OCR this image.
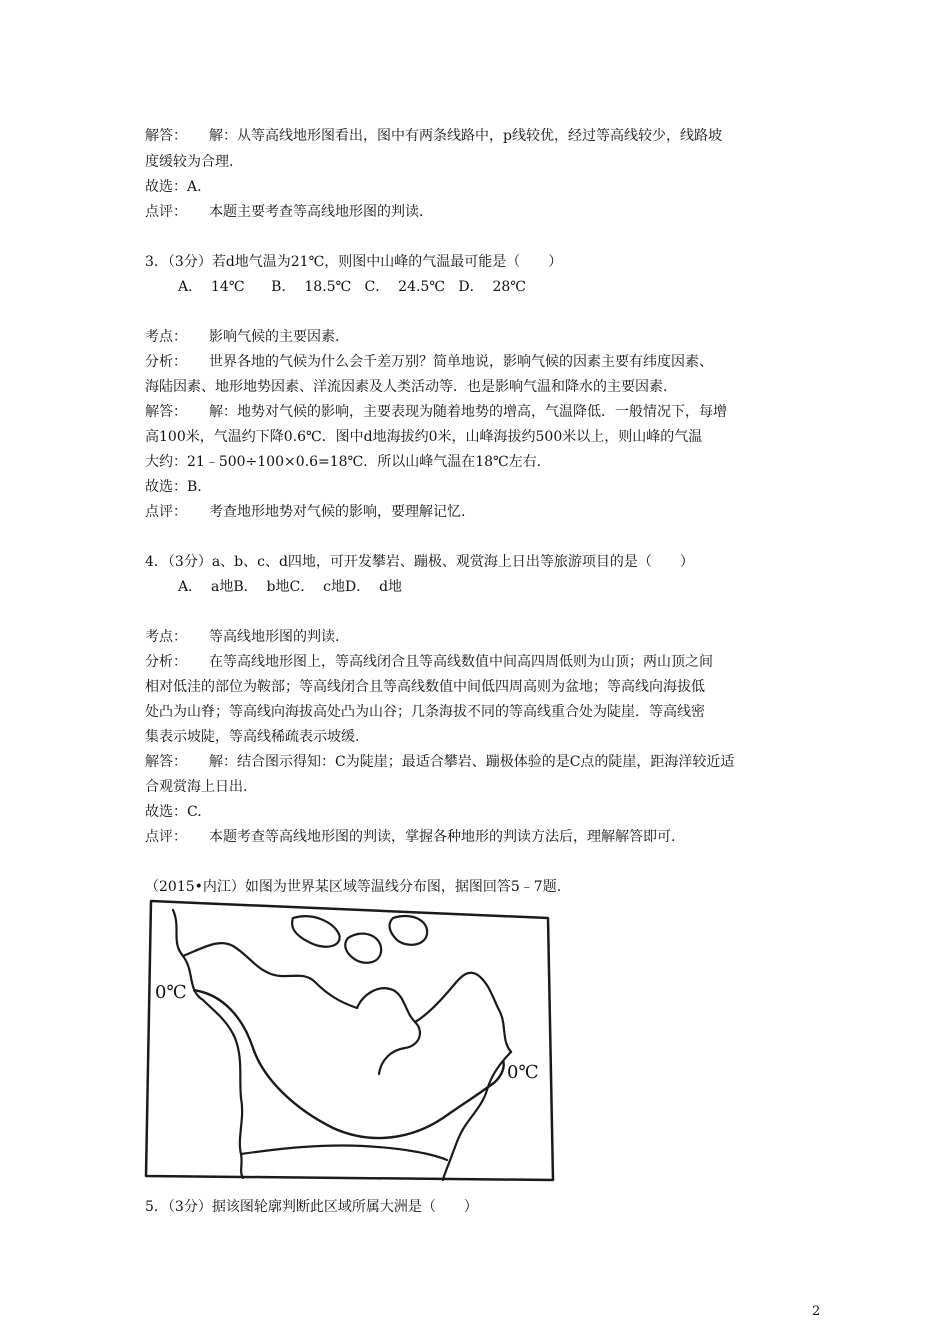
解答： 解：从等高线地形图看出，图中有两条线路中，p线较优，经过等高线较少，线路坡
度缓较为合理.
故选：A.
点评： 本题主要考查等高线地形图的判读.
3．（3分）若d地气温为21℃，则图中山峰的气温最可能是（　　）
A．  14℃      B．  18.5℃   C．  24.5℃   D．  28℃
考点： 影响气候的主要因素.
分析： 世界各地的气候为什么会千差万别？简单地说，影响气候的因素主要有纬度因素、
海陆因素、地形地势因素、洋流因素及人类活动等．也是影响气温和降水的主要因素.
解答： 解：地势对气候的影响，主要表现为随着地势的增高，气温降低．一般情况下，每增
高100米，气温约下降0.6℃．图中d地海拔约0米，山峰海拔约500米以上，则山峰的气温
大约：21﹣500÷100×0.6=18℃．所以山峰气温在18℃左右.
故选：B.
点评： 考查地形地势对气候的影响，要理解记忆.
4．（3分）a、b、c、d四地，可开发攀岩、蹦极、观赏海上日出等旅游项目的是（　　）
A．  a地B．  b地C．  c地D．  d地
考点： 等高线地形图的判读.
分析： 在等高线地形图上，等高线闭合且等高线数值中间高四周低则为山顶；两山顶之间
相对低洼的部位为鞍部；等高线闭合且等高线数值中间低四周高则为盆地；等高线向海拔低
处凸为山脊；等高线向海拔高处凸为山谷；几条海拔不同的等高线重合处为陡崖．等高线密
集表示坡陡，等高线稀疏表示坡缓.
解答： 解：结合图示得知：C为陡崖；最适合攀岩、蹦极体验的是C点的陡崖，距海洋较近适
合观赏海上日出.
故选：C.
点评： 本题考查等高线地形图的判读，掌握各种地形的判读方法后，理解解答即可.
（2015•内江）如图为世界某区域等温线分布图，据图回答5﹣7题.
0℃
0℃
5．（3分）据该图轮廓判断此区域所属大洲是（　　）
2
